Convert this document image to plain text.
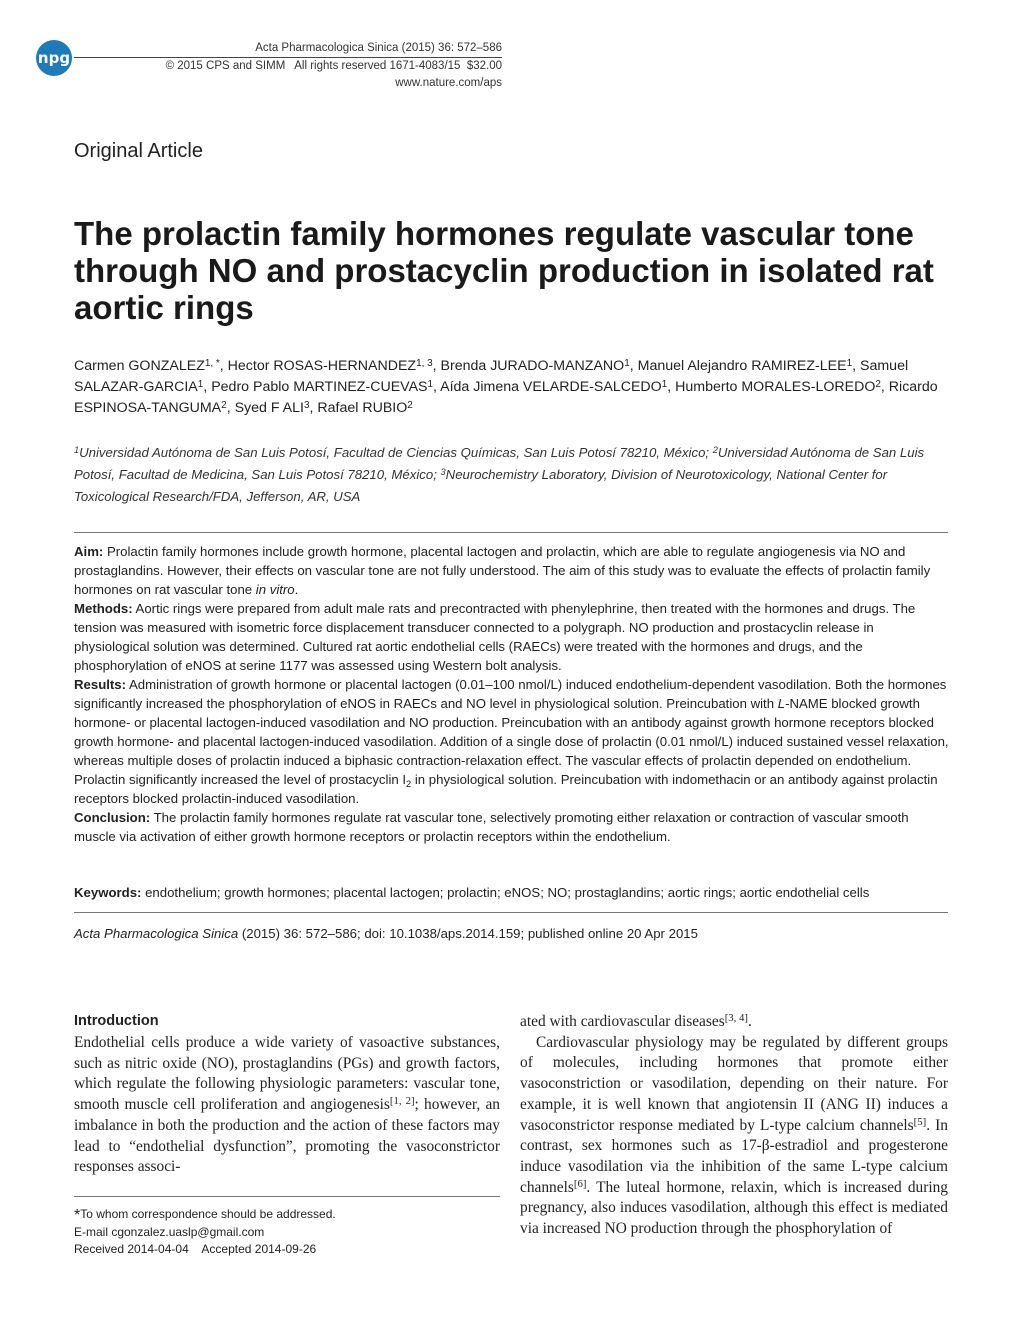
npg
Acta Pharmacologica Sinica (2015) 36: 572–586
© 2015 CPS and SIMM   All rights reserved 1671-4083/15  $32.00
www.nature.com/aps
Original Article
The prolactin family hormones regulate vascular tone through NO and prostacyclin production in isolated rat aortic rings
Carmen $GONZALEZ^{1, *}$, Hector ROSAS-HERNANDEZ$^{1, 3}$, Brenda JURADO-MANZANO$^1$, Manuel Alejandro RAMIREZ-LEE$^1$, Samuel SALAZAR-GARCIA$^1$, Pedro Pablo MARTINEZ-CUEVAS$^1$, Aída Jimena VELARDE-SALCEDO$^1$, Humberto MORALES-LOREDO$^2$, Ricardo ESPINOSA-TANGUMA$^2$, Syed F ALI$^3$, Rafael RUBIO$^2$
$^1$Universidad Autónoma de San Luis Potosí, Facultad de Ciencias Químicas, San Luis Potosí 78210, México; $^2$Universidad Autónoma de San Luis Potosí, Facultad de Medicina, San Luis Potosí 78210, México; $^3$Neurochemistry Laboratory, Division of Neurotoxicology, National Center for Toxicological Research/FDA, Jefferson, AR, USA

Aim: Prolactin family hormones include growth hormone, placental lactogen and prolactin, which are able to regulate angiogenesis via NO and prostaglandins. However, their effects on vascular tone are not fully understood. The aim of this study was to evaluate the effects of prolactin family hormones on rat vascular tone in vitro.

Methods: Aortic rings were prepared from adult male rats and precontracted with phenylephrine, then treated with the hormones and drugs. The tension was measured with isometric force displacement transducer connected to a polygraph. NO production and prostacyclin release in physiological solution was determined. Cultured rat aortic endothelial cells (RAECs) were treated with the hormones and drugs, and the phosphorylation of eNOS at serine 1177 was assessed using Western bolt analysis.

Results: Administration of growth hormone or placental lactogen (0.01–100 nmol/L) induced endothelium-dependent vasodilation. Both the hormones significantly increased the phosphorylation of eNOS in RAECs and NO level in physiological solution. Preincubation with L-NAME blocked growth hormone- or placental lactogen-induced vasodilation and NO production. Preincubation with an antibody against growth hormone receptors blocked growth hormone- and placental lactogen-induced vasodilation. Addition of a single dose of prolactin (0.01 nmol/L) induced sustained vessel relaxation, whereas multiple doses of prolactin induced a biphasic contraction-relaxation effect. The vascular effects of prolactin depended on endothelium. Prolactin significantly increased the level of prostacyclin $I_2$ in physiological solution. Preincubation with indomethacin or an antibody against prolactin receptors blocked prolactin-induced vasodilation.

Conclusion: The prolactin family hormones regulate rat vascular tone, selectively promoting either relaxation or contraction of vascular smooth muscle via activation of either growth hormone receptors or prolactin receptors within the endothelium.

Keywords: endothelium; growth hormones; placental lactogen; prolactin; eNOS; NO; prostaglandins; aortic rings; aortic endothelial cells
Acta Pharmacologica Sinica (2015) 36: 572–586; doi: 10.1038/aps.2014.159; published online 20 Apr 2015
Introduction

Endothelial cells produce a wide variety of vasoactive substances, such as nitric oxide (NO), prostaglandins (PGs) and growth factors, which regulate the following physiologic parameters: vascular tone, smooth muscle cell proliferation and angiogenesis[1, 2]; however, an imbalance in both the production and the action of these factors may lead to “endothelial dysfunction”, promoting the vasoconstrictor responses associ-

ated with cardiovascular diseases[3, 4].

Cardiovascular physiology may be regulated by different groups of molecules, including hormones that promote either vasoconstriction or vasodilation, depending on their nature. For example, it is well known that angiotensin II (ANG II) induces a vasoconstrictor response mediated by L-type calcium channels[5]. In contrast, sex hormones such as 17-β-estradiol and progesterone induce vasodilation via the inhibition of the same L-type calcium channels[6]. The luteal hormone, relaxin, which is increased during pregnancy, also induces vasodilation, although this effect is mediated via increased NO production through the phosphorylation of

*To whom correspondence should be addressed.

E-mail cgonzalez.uaslp@gmail.com

Received 2014-04-04    Accepted 2014-09-26
